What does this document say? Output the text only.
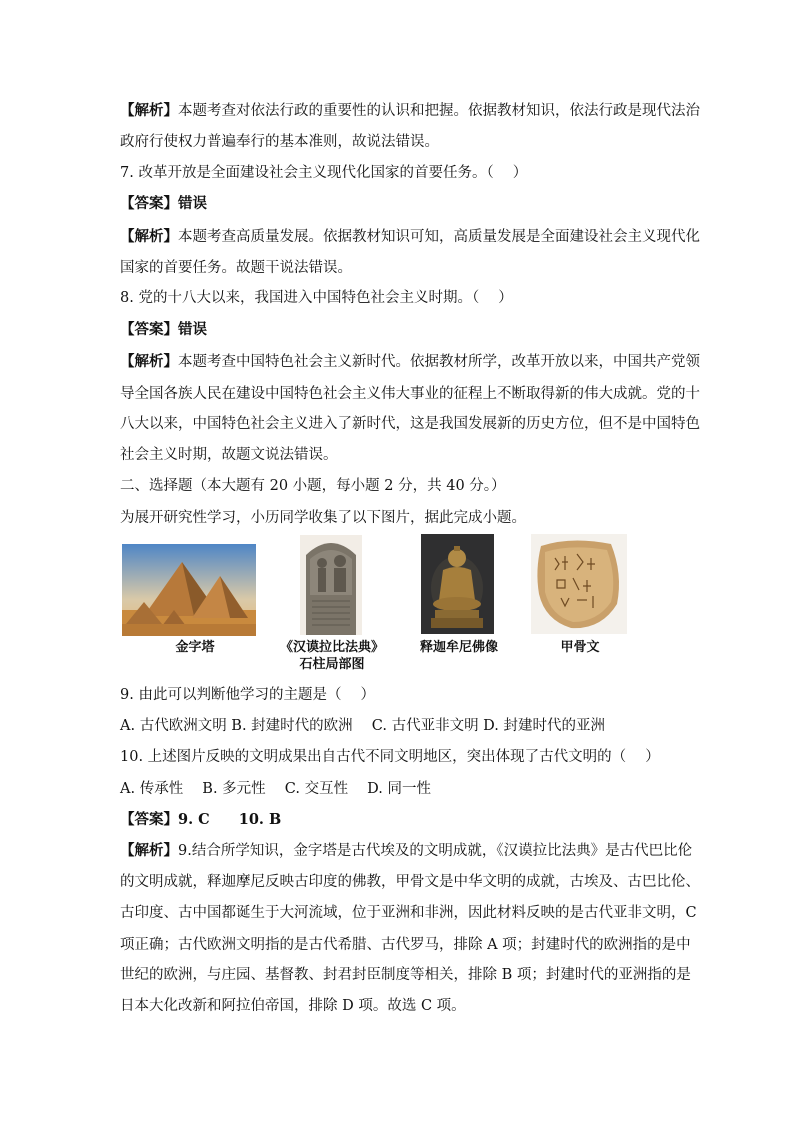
【解析】本题考查对依法行政的重要性的认识和把握。依据教材知识，依法行政是现代法治
政府行使权力普遍奉行的基本准则，故说法错误。
7. 改革开放是全面建设社会主义现代化国家的首要任务。（　 ）
【答案】错误
【解析】本题考查高质量发展。依据教材知识可知，高质量发展是全面建设社会主义现代化
国家的首要任务。故题干说法错误。
8. 党的十八大以来，我国进入中国特色社会主义时期。（　 ）
【答案】错误
【解析】本题考查中国特色社会主义新时代。依据教材所学，改革开放以来，中国共产党领
导全国各族人民在建设中国特色社会主义伟大事业的征程上不断取得新的伟大成就。党的十
八大以来，中国特色社会主义进入了新时代，这是我国发展新的历史方位，但不是中国特色
社会主义时期，故题文说法错误。
二、选择题（本大题有 20 小题，每小题 2 分，共 40 分。）
为展开研究性学习，小历同学收集了以下图片，据此完成小题。
金字塔	《汉谟拉比法典》
石柱局部图
释迦牟尼佛像	甲骨文
9. 由此可以判断他学习的主题是（　 ）
A. 古代欧洲文明 B. 封建时代的欧洲　 C. 古代亚非文明 D. 封建时代的亚洲
10. 上述图片反映的文明成果出自古代不同文明地区，突出体现了古代文明的（　 ）
A. 传承性　 B. 多元性　 C. 交互性　 D. 同一性
【答案】9. C　　10. B
【解析】9.结合所学知识，金字塔是古代埃及的文明成就，《汉谟拉比法典》是古代巴比伦
的文明成就，释迦摩尼反映古印度的佛教，甲骨文是中华文明的成就，古埃及、古巴比伦、
古印度、古中国都诞生于大河流域，位于亚洲和非洲，因此材料反映的是古代亚非文明，C
项正确；古代欧洲文明指的是古代希腊、古代罗马，排除 A 项；封建时代的欧洲指的是中
世纪的欧洲，与庄园、基督教、封君封臣制度等相关，排除 B 项；封建时代的亚洲指的是
日本大化改新和阿拉伯帝国，排除 D 项。故选 C 项。
